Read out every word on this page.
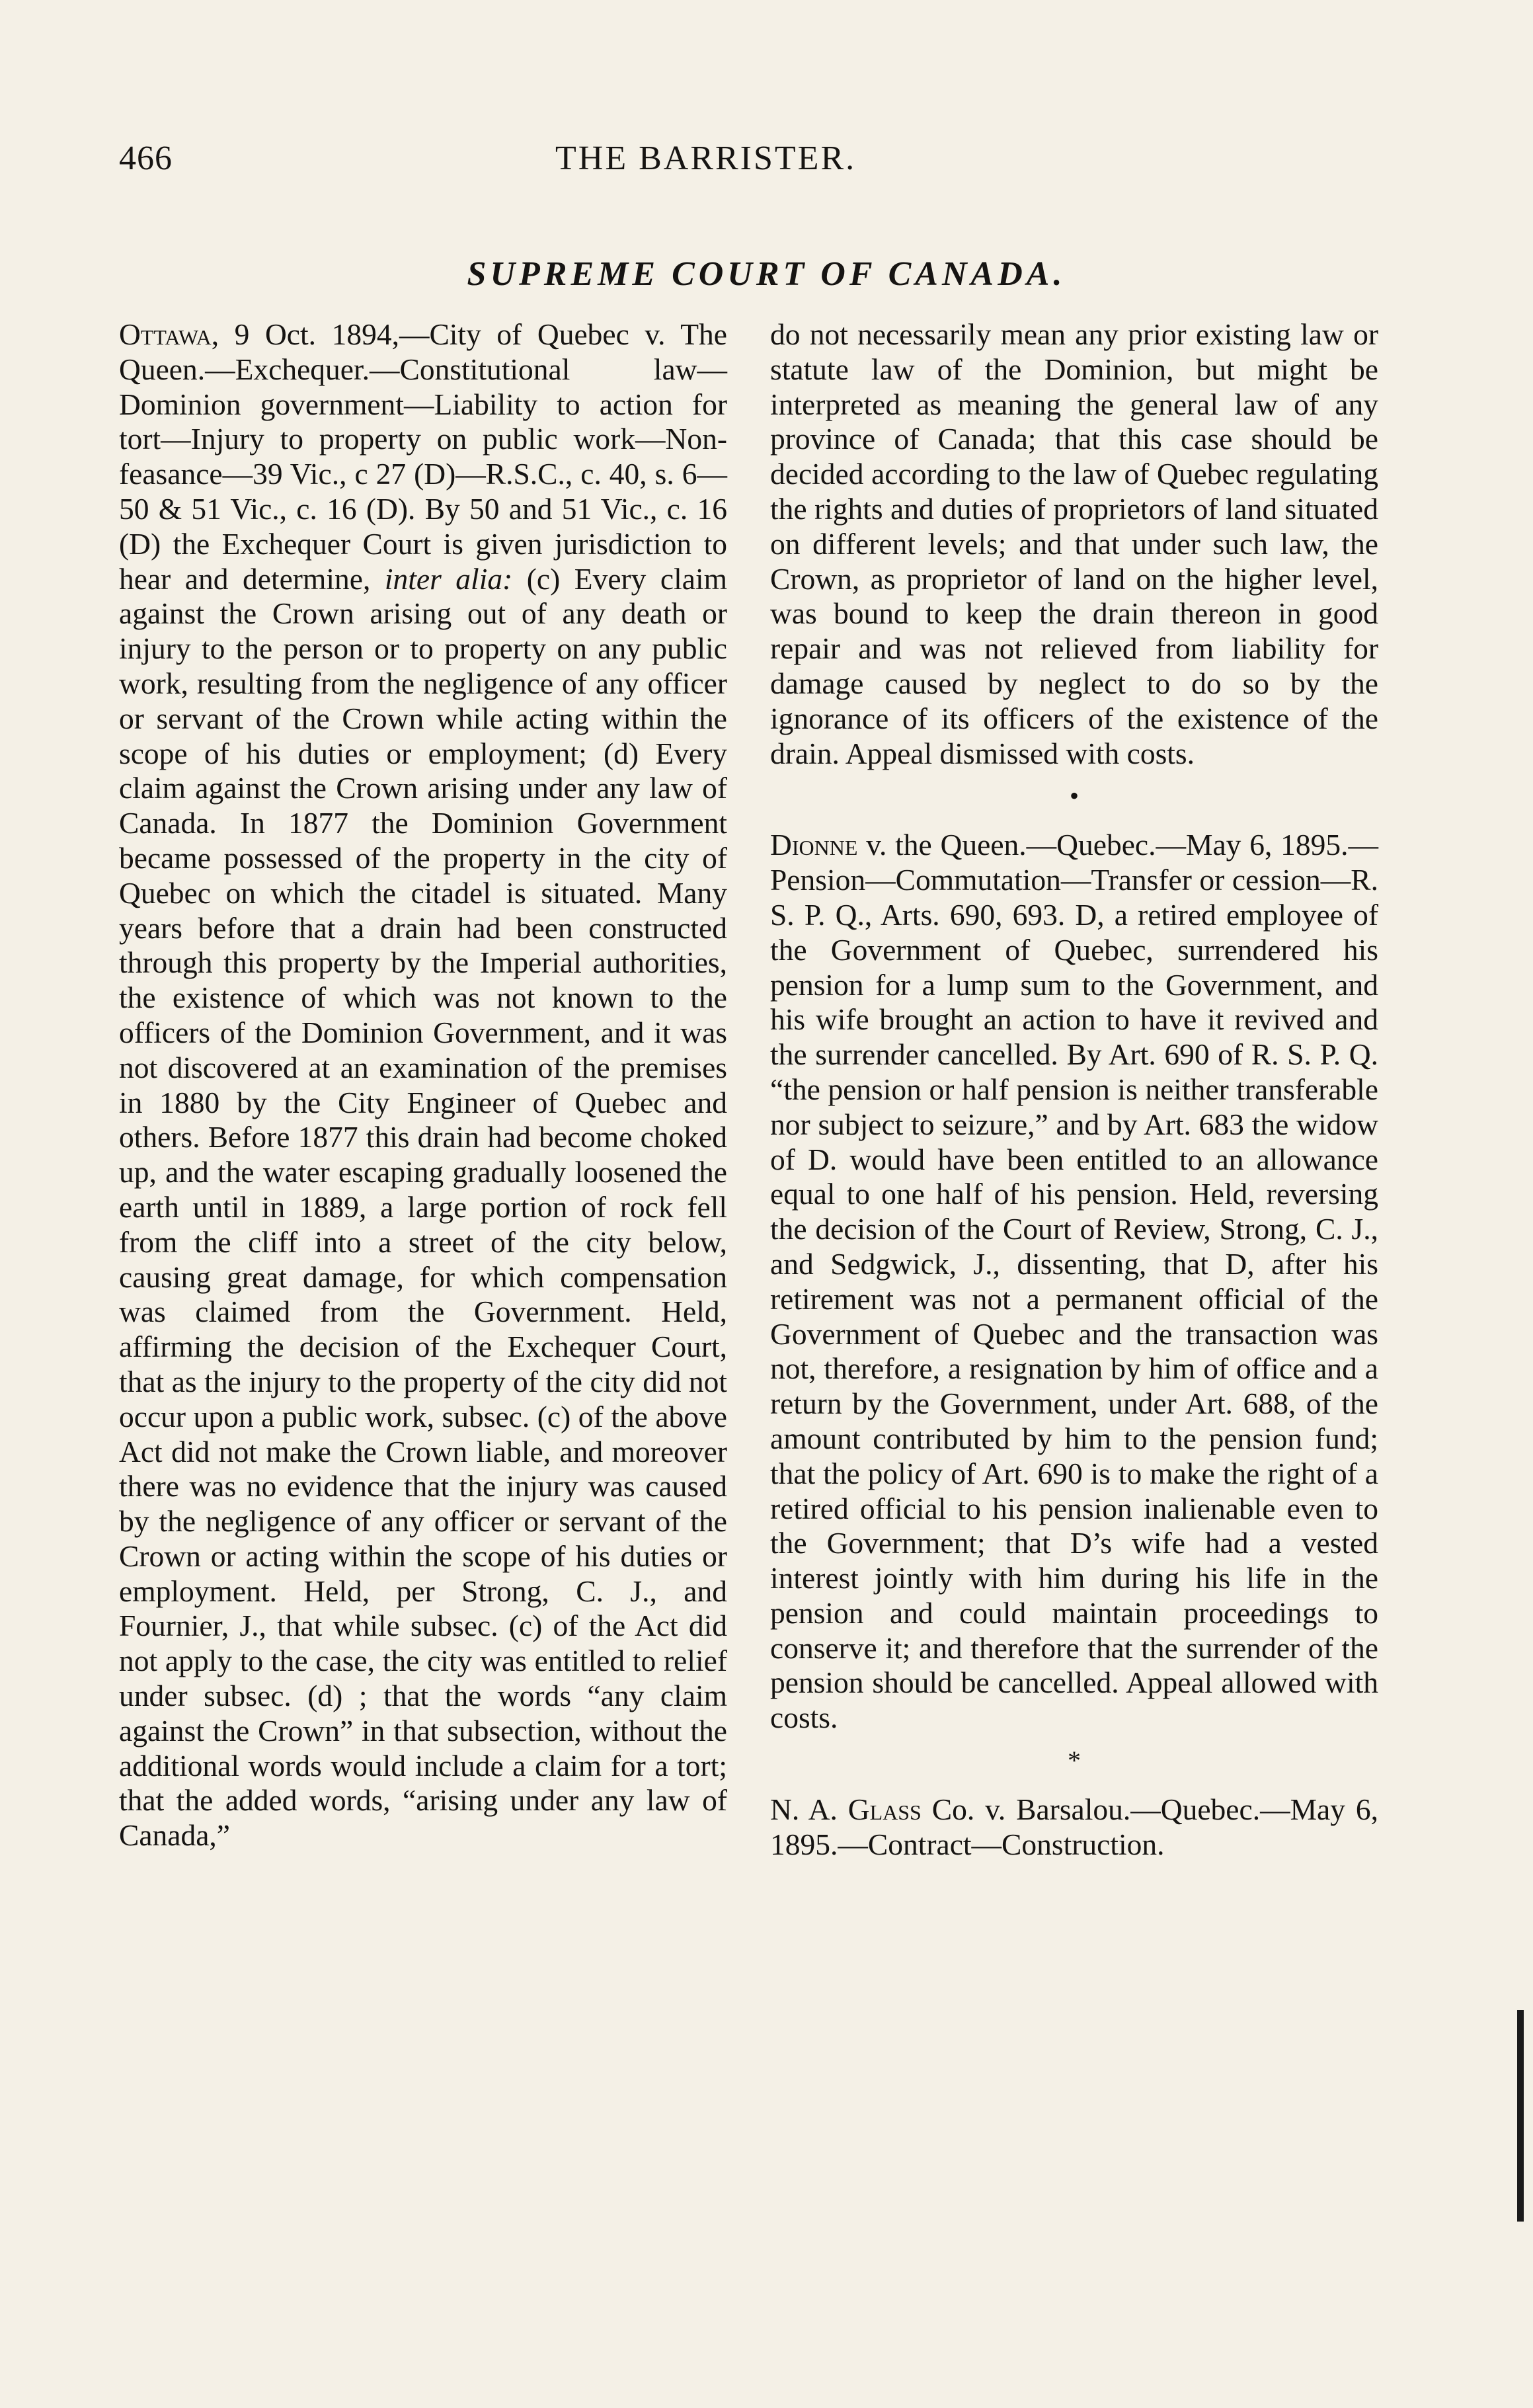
466	THE BARRISTER.
SUPREME COURT OF CANADA.

Ottawa, 9 Oct. 1894,—City of Quebec v. The Queen.—Exchequer.—Constitutional law—Dominion government—Liability to action for tort—Injury to property on public work—Non-feasance—39 Vic., c 27 (D)—R.S.C., c. 40, s. 6—50 & 51 Vic., c. 16 (D). By 50 and 51 Vic., c. 16 (D) the Exchequer Court is given jurisdiction to hear and determine, inter alia: (c) Every claim against the Crown arising out of any death or injury to the person or to property on any public work, resulting from the negligence of any officer or servant of the Crown while acting within the scope of his duties or employment; (d) Every claim against the Crown arising under any law of Canada. In 1877 the Dominion Government became possessed of the property in the city of Quebec on which the citadel is situated. Many years before that a drain had been constructed through this property by the Imperial authorities, the existence of which was not known to the officers of the Dominion Government, and it was not discovered at an examination of the premises in 1880 by the City Engineer of Quebec and others. Before 1877 this drain had become choked up, and the water escaping gradually loosened the earth until in 1889, a large portion of rock fell from the cliff into a street of the city below, causing great damage, for which compensation was claimed from the Government. Held, affirming the decision of the Exchequer Court, that as the injury to the property of the city did not occur upon a public work, subsec. (c) of the above Act did not make the Crown liable, and moreover there was no evidence that the injury was caused by the negligence of any officer or servant of the Crown or acting within the scope of his duties or employment. Held, per Strong, C. J., and Fournier, J., that while subsec. (c) of the Act did not apply to the case, the city was entitled to relief under subsec. (d) ; that the words “any claim against the Crown” in that subsection, without the additional words would include a claim for a tort; that the added words, “arising under any law of Canada,”

do not necessarily mean any prior existing law or statute law of the Dominion, but might be interpreted as meaning the general law of any province of Canada; that this case should be decided according to the law of Quebec regulating the rights and duties of proprietors of land situated on different levels; and that under such law, the Crown, as proprietor of land on the higher level, was bound to keep the drain thereon in good repair and was not relieved from liability for damage caused by neglect to do so by the ignorance of its officers of the existence of the drain. Appeal dismissed with costs.

•

Dionne v. the Queen.—Quebec.—May 6, 1895.—Pension—Commutation—Transfer or cession—R. S. P. Q., Arts. 690, 693. D, a retired employee of the Government of Quebec, surrendered his pension for a lump sum to the Government, and his wife brought an action to have it revived and the surrender cancelled. By Art. 690 of R. S. P. Q. “the pension or half pension is neither transferable nor subject to seizure,” and by Art. 683 the widow of D. would have been entitled to an allowance equal to one half of his pension. Held, reversing the decision of the Court of Review, Strong, C. J., and Sedgwick, J., dissenting, that D, after his retirement was not a permanent official of the Government of Quebec and the transaction was not, therefore, a resignation by him of office and a return by the Government, under Art. 688, of the amount contributed by him to the pension fund; that the policy of Art. 690 is to make the right of a retired official to his pension inalienable even to the Government; that D’s wife had a vested interest jointly with him during his life in the pension and could maintain proceedings to conserve it; and therefore that the surrender of the pension should be cancelled. Appeal allowed with costs.

*

N. A. Glass Co. v. Barsalou.—Quebec.—May 6, 1895.—Contract—Construction.
